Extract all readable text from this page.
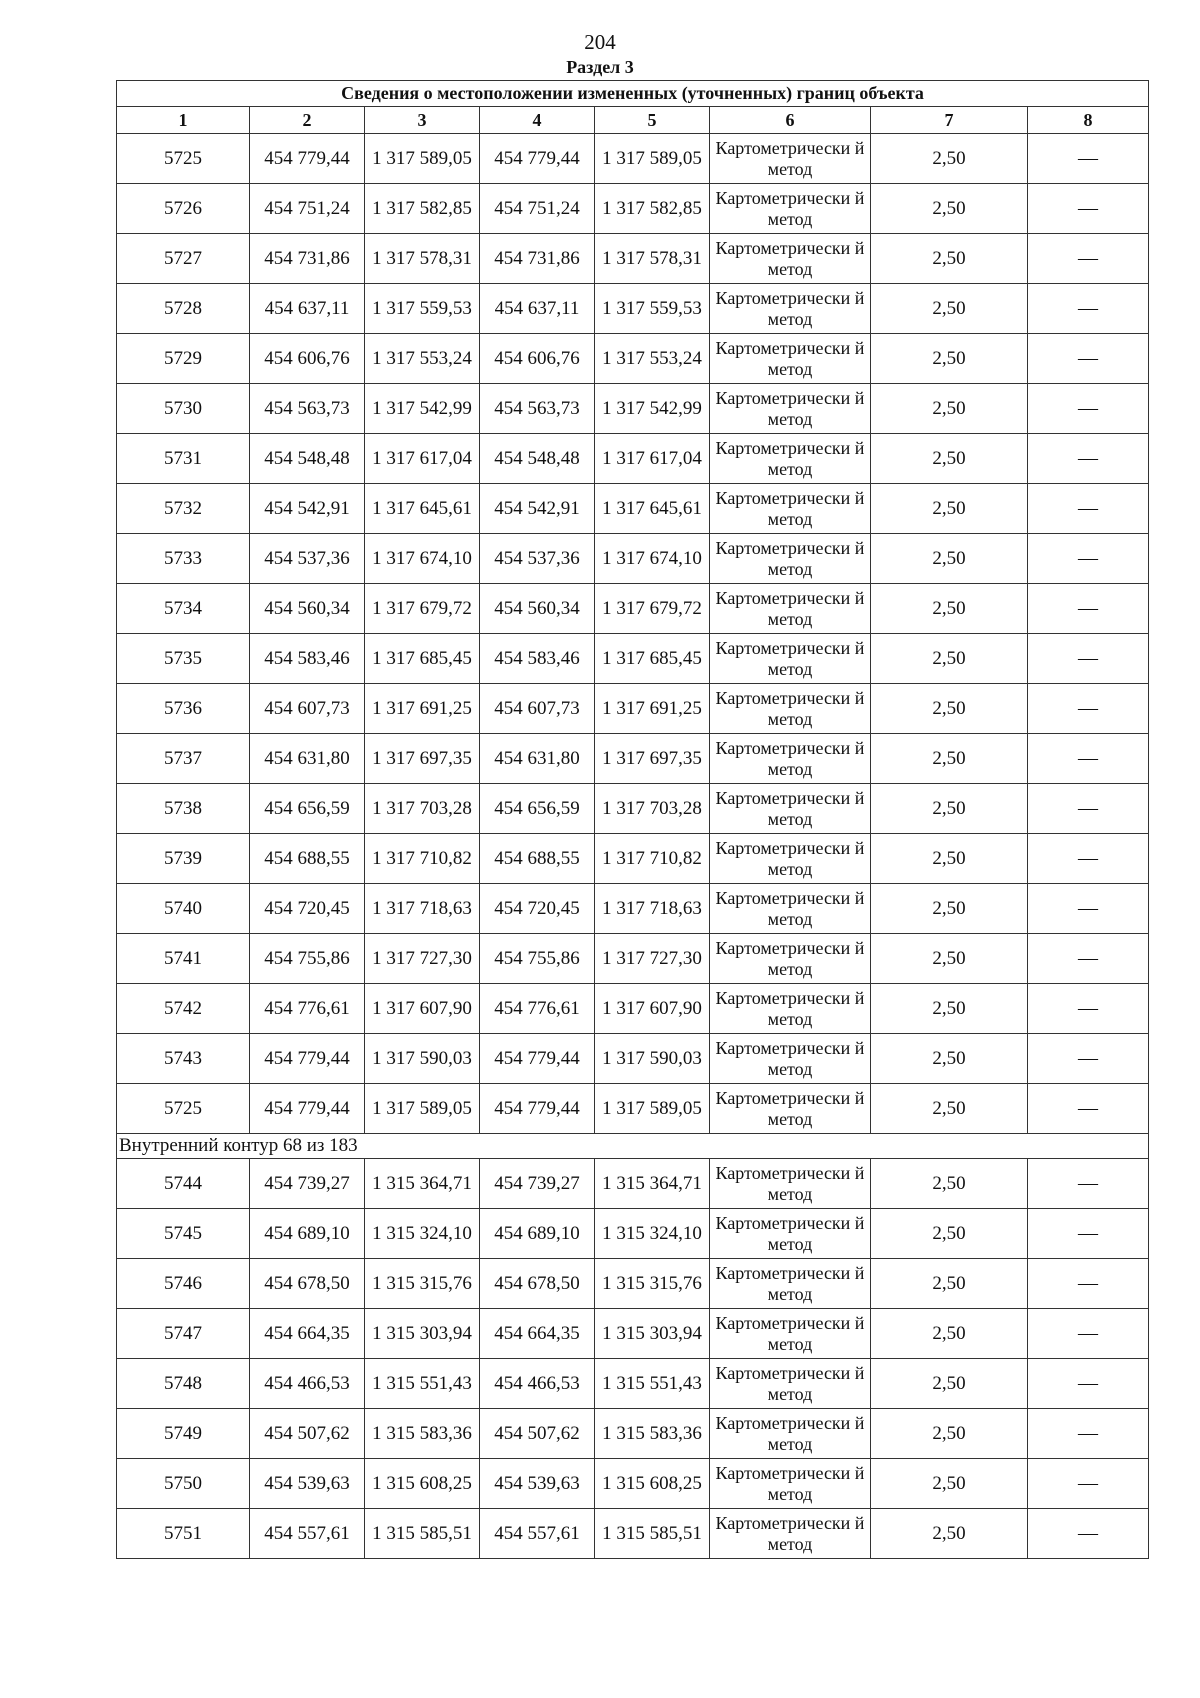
204
Раздел 3
Сведения о местоположении измененных (уточненных) границ объекта							
1	2	3	4	5	6	7	8
5725	454 779,44	1 317 589,05	454 779,44	1 317 589,05	Картометрически й метод	2,50	—
5726	454 751,24	1 317 582,85	454 751,24	1 317 582,85	Картометрически й метод	2,50	—
5727	454 731,86	1 317 578,31	454 731,86	1 317 578,31	Картометрически й метод	2,50	—
5728	454 637,11	1 317 559,53	454 637,11	1 317 559,53	Картометрически й метод	2,50	—
5729	454 606,76	1 317 553,24	454 606,76	1 317 553,24	Картометрически й метод	2,50	—
5730	454 563,73	1 317 542,99	454 563,73	1 317 542,99	Картометрически й метод	2,50	—
5731	454 548,48	1 317 617,04	454 548,48	1 317 617,04	Картометрически й метод	2,50	—
5732	454 542,91	1 317 645,61	454 542,91	1 317 645,61	Картометрически й метод	2,50	—
5733	454 537,36	1 317 674,10	454 537,36	1 317 674,10	Картометрически й метод	2,50	—
5734	454 560,34	1 317 679,72	454 560,34	1 317 679,72	Картометрически й метод	2,50	—
5735	454 583,46	1 317 685,45	454 583,46	1 317 685,45	Картометрически й метод	2,50	—
5736	454 607,73	1 317 691,25	454 607,73	1 317 691,25	Картометрически й метод	2,50	—
5737	454 631,80	1 317 697,35	454 631,80	1 317 697,35	Картометрически й метод	2,50	—
5738	454 656,59	1 317 703,28	454 656,59	1 317 703,28	Картометрически й метод	2,50	—
5739	454 688,55	1 317 710,82	454 688,55	1 317 710,82	Картометрически й метод	2,50	—
5740	454 720,45	1 317 718,63	454 720,45	1 317 718,63	Картометрически й метод	2,50	—
5741	454 755,86	1 317 727,30	454 755,86	1 317 727,30	Картометрически й метод	2,50	—
5742	454 776,61	1 317 607,90	454 776,61	1 317 607,90	Картометрически й метод	2,50	—
5743	454 779,44	1 317 590,03	454 779,44	1 317 590,03	Картометрически й метод	2,50	—
5725	454 779,44	1 317 589,05	454 779,44	1 317 589,05	Картометрически й метод	2,50	—
Внутренний контур 68 из 183							
5744	454 739,27	1 315 364,71	454 739,27	1 315 364,71	Картометрически й метод	2,50	—
5745	454 689,10	1 315 324,10	454 689,10	1 315 324,10	Картометрически й метод	2,50	—
5746	454 678,50	1 315 315,76	454 678,50	1 315 315,76	Картометрически й метод	2,50	—
5747	454 664,35	1 315 303,94	454 664,35	1 315 303,94	Картометрически й метод	2,50	—
5748	454 466,53	1 315 551,43	454 466,53	1 315 551,43	Картометрически й метод	2,50	—
5749	454 507,62	1 315 583,36	454 507,62	1 315 583,36	Картометрически й метод	2,50	—
5750	454 539,63	1 315 608,25	454 539,63	1 315 608,25	Картометрически й метод	2,50	—
5751	454 557,61	1 315 585,51	454 557,61	1 315 585,51	Картометрически й метод	2,50	—
